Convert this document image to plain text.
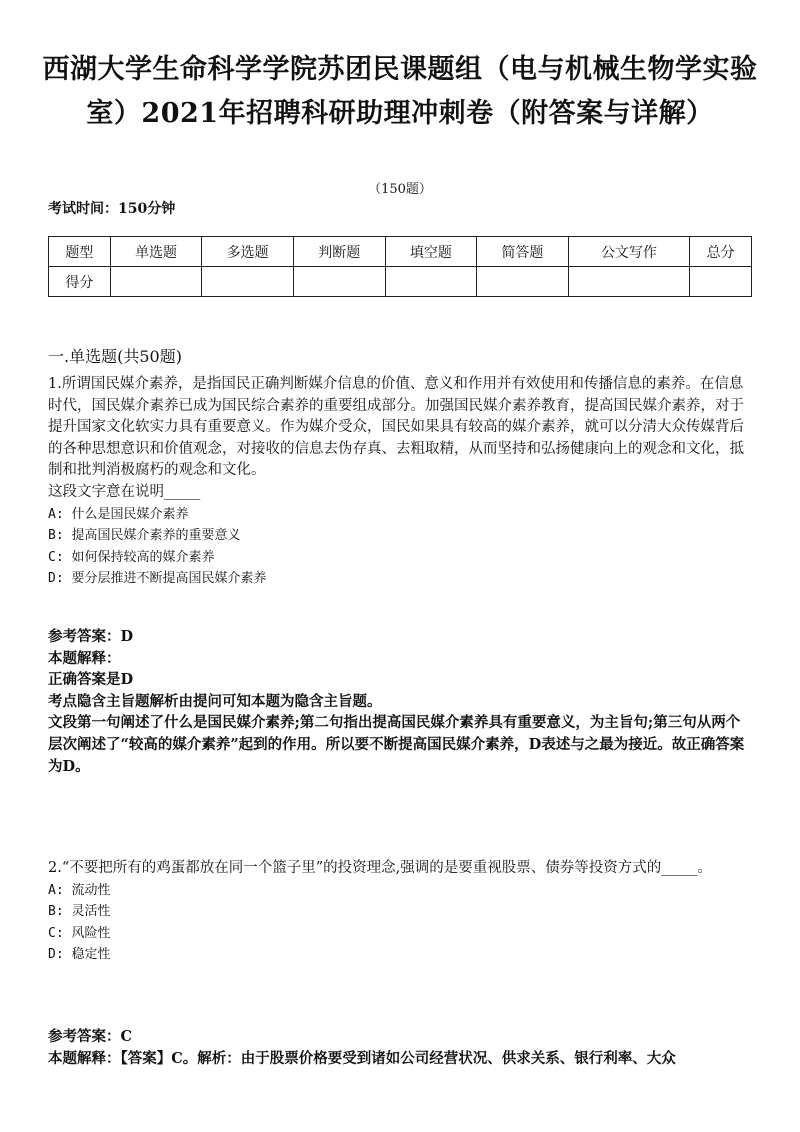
西湖大学生命科学学院苏团民课题组（电与机械生物学实验室）2021年招聘科研助理冲刺卷（附答案与详解）
（150题）
考试时间：150分钟
题型	单选题	多选题	判断题	填空题	简答题	公文写作	总分
得分							
一.单选题(共50题)

1.所谓国民媒介素养，是指国民正确判断媒介信息的价值、意义和作用并有效使用和传播信息的素养。在信息时代，国民媒介素养已成为国民综合素养的重要组成部分。加强国民媒介素养教育，提高国民媒介素养，对于提升国家文化软实力具有重要意义。作为媒介受众，国民如果具有较高的媒介素养，就可以分清大众传媒背后的各种思想意识和价值观念，对接收的信息去伪存真、去粗取精，从而坚持和弘扬健康向上的观念和文化，抵制和批判消极腐朽的观念和文化。

这段文字意在说明_____

A: 什么是国民媒介素养

B: 提高国民媒介素养的重要意义

C: 如何保持较高的媒介素养

D: 要分层推进不断提高国民媒介素养

参考答案：D

本题解释：

正确答案是D

考点隐含主旨题解析由提问可知本题为隐含主旨题。

文段第一句阐述了什么是国民媒介素养;第二句指出提高国民媒介素养具有重要意义，为主旨句;第三句从两个层次阐述了“较高的媒介素养”起到的作用。所以要不断提高国民媒介素养，D表述与之最为接近。故正确答案为D。

2.“不要把所有的鸡蛋都放在同一个篮子里”的投资理念,强调的是要重视股票、债券等投资方式的_____。

A: 流动性

B: 灵活性

C: 风险性

D: 稳定性

参考答案：C

本题解释：【答案】C。解析：由于股票价格要受到诸如公司经营状况、供求关系、银行利率、大众
